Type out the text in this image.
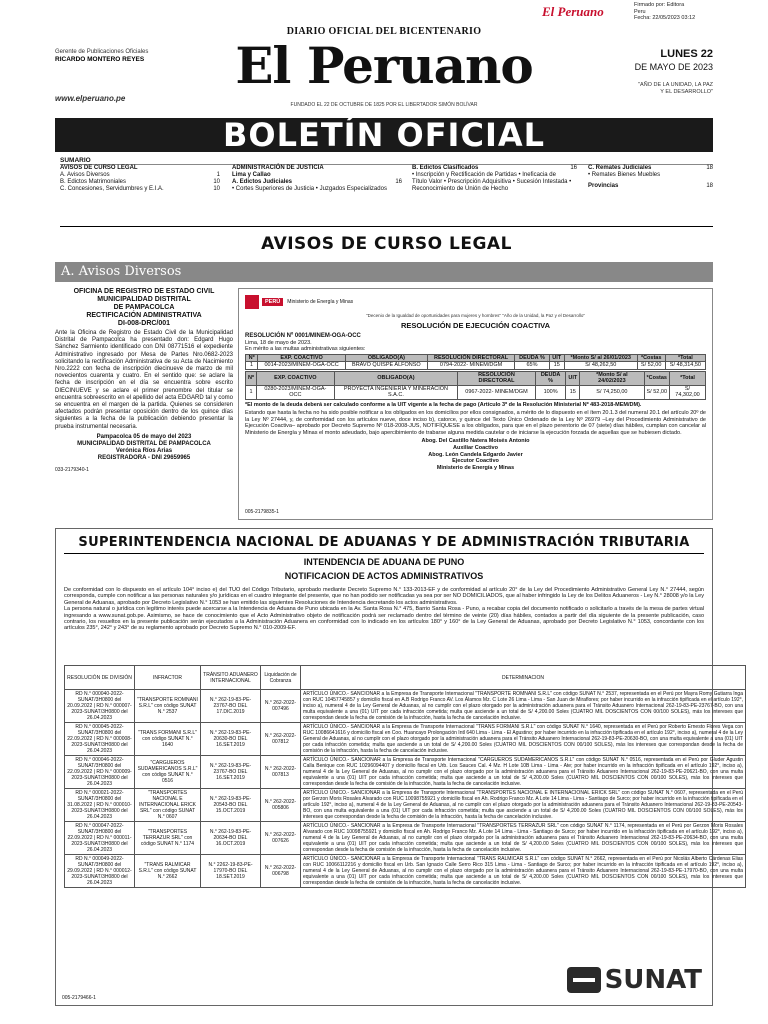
El Peruano	Firmado por: Editora
Peru
Fecha: 22/05/2023 03:12
DIARIO OFICIAL DEL BICENTENARIO
Gerente de Publicaciones Oficiales
RICARDO MONTERO REYES
www.elperuano.pe
El Peruano
FUNDADO EL 22 DE OCTUBRE DE 1825 POR EL LIBERTADOR SIMÓN BOLÍVAR
LUNES 22
DE MAYO DE 2023
"AÑO DE LA UNIDAD, LA PAZ
Y EL DESARROLLO"
BOLETÍN OFICIAL
SUMARIO
AVISOS DE CURSO LEGAL
A. Avisos Diversos	1
B. Edictos Matrimoniales	10
C. Concesiones, Servidumbres y E.I.A.	10
ADMINISTRACIÓN DE JUSTICIA
Lima y Callao
A. Edictos Judiciales	16
• Cortes Superiores de Justicia • Juzgados Especializados
B. Edictos Clasificados	16
• Inscripción y Rectificación de Partidas • Ineficacia de
Título Valor • Prescripción Adquisitiva • Sucesión Intestada •
Reconocimiento de Unión de Hecho
C. Remates Judiciales	18
• Remates Bienes Muebles
Provincias	18
AVISOS DE CURSO LEGAL
A. Avisos Diversos
OFICINA DE REGISTRO DE ESTADO CIVIL
MUNICIPALIDAD DISTRITAL
DE PAMPACOLCA
RECTIFICACIÓN ADMINISTRATIVA
DI-008-DRC/001
Ante la Oficina de Registro de Estado Civil de la Municipalidad Distrital de Pampacolca ha presentado don: Edgard Hugo Sánchez Sarmiento identificado con DNI 08771516 el expediente Administrativo ingresado por Mesa de Partes Nro.0682-2023 solicitando la rectificación Administrativa de su Acta de Nacimiento Nro.2222 con fecha de inscripción diecinueve de marzo de mil novecientos cuarenta y cuatro. En el sentido que: se aclare la fecha de inscripción en el día se encuentra sobre escrito DIECINUEVE y se aclare el primer prenombre del titular se encuentra sobreescrito en el apellido del acta EDGARD tal y como se encuentra en el margen de la partida. Quienes se consideren afectados podrán presentar oposición dentro de los quince días siguientes a la fecha de la publicación debiendo presentar la prueba instrumental necesaria.
Pampacolca 05 de mayo del 2023
MUNICIPALIDAD DISTRITAL DE PAMPACOLCA
Verónica Ríos Arias
REGISTRADORA - DNI 29659965
033-2179340-1
PERÚ	Ministerio de Energía y Minas
"Decenio de la Igualdad de oportunidades para mujeres y hombres" "Año de la Unidad, la Paz y el Desarrollo"
RESOLUCIÓN DE EJECUCIÓN COACTIVA
RESOLUCIÓN Nº 0001/MINEM-OGA-OCC
Lima, 18 de mayo de 2023.
En mérito a las multas administrativas siguientes:
Nº	EXP. COACTIVO	OBLIGADO(A)	RESOLUCIÓN DIRECTORAL	DEUDA %	UIT	*Monto S/ al 26/01/2023	*Costas	*Total
1	0014-2023/MINEM-OGA-OCC	BRAVO QUISPE ALFONSO	0794-2022- MINEM/DGM	65%	15	S/ 48,262,50	S/ 52,00	S/ 48,314,50
Nº	EXP. COACTIVO	OBLIGADO(A)	RESOLUCIÓN DIRECTORAL	DEUDA %	UIT	*Monto S/ al 24/02/2023	*Costas	*Total
1	0280-2023/MINEM-OGA-OCC	PROYECTA INGENIERÍA Y MINERACIÓN S.A.C.	0967-2022- MINEM/DGM	100%	15	S/ 74,250,00	S/ 52,00	S/ 74,302,00
*El monto de la deuda deberá ser calculado conforme a la UIT vigente a la fecha de pago (Artículo 3º de la Resolución Ministerial Nº 483-2018-MEM/DM).
Estando que hasta la fecha no ha sido posible notificar a los obligados en los domicilios por ellos consignados, a mérito de lo dispuesto en el ítem 20.1.3 del numeral 20.1 del artículo 20º de la Ley Nº 27444, y, de conformidad con los artículos nueve, doce inciso b), catorce, y quince del Texto Único Ordenado de la Ley Nº 26979 –Ley del Procedimiento Administrativo de Ejecución Coactiva– aprobado por Decreto Supremo Nº 018-2008-JUS, NOTIFÍQUESE a los obligados, para que en el plazo perentorio de 07 (siete) días hábiles, cumplan con cancelar al Ministerio de Energía y Minas el monto adeudado, bajo apercibimiento de trabarse alguna medida cautelar o de iniciarse la ejecución forzada de aquellas que se hubiesen dictado.
Abog. Del Castillo Natera Moisés Antonio
Auxiliar Coactivo
Abog. León Candela Edgardo Javier
Ejecutor Coactivo
Ministerio de Energía y Minas
005-2179835-1
SUPERINTENDENCIA NACIONAL DE ADUANAS Y DE ADMINISTRACIÓN TRIBUTARIA
INTENDENCIA DE ADUANA DE PUNO
NOTIFICACION DE ACTOS ADMINISTRATIVOS

De conformidad con lo dispuesto en el artículo 104° inciso e) del TUO del Código Tributario, aprobado mediante Decreto Supremo N.° 133-2013-EF y de conformidad al artículo 20° de la Ley del Procedimiento Administrativo General Ley N.° 27444, según corresponda, cumple con notificar a las personas naturales y/o jurídicas en el cuadro integrante del presente, que no han podido ser notificadas ya sea por ser NO DOMICILIADOS, que al haber infringido la Ley de los Delitos Aduaneros - Ley N.° 28008 y/o la Ley General de Aduanas, aprobado por Decreto Legislativo N.° 1053 se han emitido las siguientes Resoluciones de Intendencia decretando los actos administrativos.

La persona natural o jurídica con legítimo interés puede acercarse a la Intendencia de Aduana de Puno ubicada en la Av. Santa Rosa N.° 475, Barrio Santa Rosa - Puno, a recabar copia del documento notificado o solicitarlo a través de la mesa de partes virtual ingresando a www.sunat.gob.pe. Asimismo, se hace de conocimiento que el Acto Administrativo objeto de notificación podrá ser reclamado dentro del término de veinte (20) días hábiles, contados a partir del día siguiente de la presente publicación, caso contrario, los resueltos en la presente publicación serán ejecutados a la Administración Aduanera en conformidad con lo indicado en los artículos 180° y 160° de la Ley General de Aduanas, aprobado por Decreto Legislativo N.° 1053, concordante con los artículos 235°, 242° y 243° de su reglamento aprobado por Decreto Supremo N.° 010-2009-EF.

RESOLUCIÓN DE DIVISIÓN	INFRACTOR	TRÁNSITO ADUANERO INTERNACIONAL	Liquidación de Cobranza	DETERMINACION
RD N.° 000040-2022-SUNAT/3H0800 del 20.09.2022 | RD N.° 000007-2023-SUNAT/3H0800 del 26.04.2023	"TRANSPORTE ROMNANI S.R.L" con código SUNAT N.° 2537	N.° 262-19-83-PE-23767-BO DEL 17.DIC.2019	N.° 262-2022-007496	ARTÍCULO ÚNICO.- SANCIONAR a la Empresa de Transporte Internacional "TRANSPORTE ROMNANI S.R.L" con código SUNAT N.° 2537, representada en el Perú por Mayra Romy Gutiarra Inga con RUC 10457745857 y domicilio fiscal en A.B Rodrigo Franco AV. Los Álamos Mz. C Lote 26 Lima - Lima - San Juan de Miraflores; por haber incurrido en la infracción tipificada en el artículo 192°, inciso a), numeral 4 de la Ley General de Aduanas, al no cumplir con el plazo otorgado por la administración aduanera para el Tránsito Aduanero Internacional 262-19-83-PE-23767-BO, con una multa equivalente a una (01) UIT por cada infracción cometida; multa que asciende a un total de S/ 4,200.00 Soles (CUATRO MIL DOSCIENTOS CON 00/100 SOLES), más los intereses que correspondan desde la fecha de comisión de la infracción, hasta la fecha de cancelación inclusive.
RD N.° 000045-2022-SUNAT/3H0800 del 22.09.2022 | RD N.° 000008-2023-SUNAT/3H0800 del 26.04.2023	"TRANS FORMANI S.R.L" con código SUNAT N.° 1640	N.° 262-19-83-PE-20630-BO DEL 16.SET.2019	N.° 262-2022-007812	ARTÍCULO ÚNICO.- SANCIONAR a la Empresa de Transporte Internacional "TRANS FORMANI S.R.L" con código SUNAT N.° 1640, representada en el Perú por Roberto Ernesto Flores Vega con RUC 10086641616 y domicilio fiscal en Coo. Huancayo Prolongación Intl 640 Lima - Lima - El Agustino; por haber incurrido en la infracción tipificada en el artículo 192°, inciso a), numeral 4 de la Ley General de Aduanas, al no cumplir con el plazo otorgado por la administración aduanera para el Tránsito Aduanero Internacional 262-19-83-PE-20630-BO, con una multa equivalente a una (01) UIT por cada infracción cometida; multa que asciende a un total de S/ 4,200.00 Soles (CUATRO MIL DOSCIENTOS CON 00/100 SOLES), más los intereses que correspondan desde la fecha de comisión de la infracción, hasta la fecha de cancelación inclusive.
RD N.° 000046-2022-SUNAT/3H0800 del 22.09.2022 | RD N.° 000009-2023-SUNAT/3H0800 del 26.04.2023	"CARGUEROS SUDAMERICANOS S.R.L" con código SUNAT N.° 0516	N.° 262-19-83-PE-23767-BO DEL 16.SET.2019	N.° 262-2022-007813	ARTÍCULO ÚNICO.- SANCIONAR a la Empresa de Transporte Internacional "CARGUEROS SUDAMERICANOS S.R.L" con código SUNAT N.° 0516, representada en el Perú por Gluder Agustin Calla Benique con RUC 10296094407 y domicilio fiscal en Urb. Los Sauces Cal. 4 Mz. H Lote 10B Lima - Lima - Ate; por haber incurrido en la infracción tipificada en el artículo 192°, inciso a), numeral 4 de la Ley General de Aduanas, al no cumplir con el plazo otorgado por la administración aduanera para el Tránsito Aduanero Internacional 262-19-83-PE-20621-BO, con una multa equivalente a una (01) UIT por cada infracción cometida; multa que asciende a un total de S/ 4,200.00 Soles (CUATRO MIL DOSCIENTOS CON 00/100 SOLES), más los intereses que correspondan desde la fecha de comisión de la infracción, hasta la fecha de cancelación inclusive.
RD N.° 000021-2022-SUNAT/3H0800 del 31.08.2022 | RD N.° 000010-2023-SUNAT/3H0800 del 26.04.2023	"TRANSPORTES NACIONAL E INTERNACIONAL ERICK SRL" con código SUNAT N.° 0607	N.° 262-19-83-PE-20543-BO DEL 15.OCT.2019	N.° 262-2022-005806	ARTÍCULO ÚNICO.- SANCIONAR a la Empresa de Transporte Internacional "TRANSPORTES NACIONAL E INTERNACIONAL ERICK SRL" con código SUNAT N.° 0607, representada en el Perú por Gerzon Moris Rosales Alvarado con RUC 10098755921 y domicilio fiscal en Ah. Rodrigo Franco Mz. A Lote 14 Lima - Lima - Santiago de Surco; por haber incurrido en la infracción tipificada en el artículo 192°, inciso a), numeral 4 de la Ley General de Aduanas, al no cumplir con el plazo otorgado por la administración aduanera para el Tránsito Aduanero Internacional 262-19-83-PE-20543-BO, con una multa equivalente a una (01) UIT por cada infracción cometida; multa que asciende a un total de S/ 4,200.00 Soles (CUATRO MIL DOSCIENTOS CON 00/100 SOLES), más los intereses que correspondan desde la fecha de comisión de la infracción, hasta la fecha de cancelación inclusive.
RD N.° 000047-2022-SUNAT/3H0800 del 22.09.2022 | RD N.° 000011-2023-SUNAT/3H0800 del 26.04.2023	"TRANSPORTES TERRAZUR SRL" con código SUNAT N.° 1174	N.° 262-19-83-PE-20634-BO DEL 16.OCT.2019	N.° 262-2022-007626	ARTÍCULO ÚNICO.- SANCIONAR a la Empresa de Transporte Internacional "TRANSPORTES TERRAZUR SRL" con código SUNAT N.° 1174, representada en el Perú por Gerzon Moris Rosales Alvarado con RUC 10098755921 y domicilio fiscal en Ah. Rodrigo Franco Mz. A Lote 14 Lima - Lima - Santiago de Surco; por haber incurrido en la infracción tipificada en el artículo 192°, inciso a), numeral 4 de la Ley General de Aduanas, al no cumplir con el plazo otorgado por la administración aduanera para el Tránsito Aduanero Internacional 262-19-83-PE-20634-BO, con una multa equivalente a una (01) UIT por cada infracción cometida; multa que asciende a un total de S/ 4,200.00 Soles (CUATRO MIL DOSCIENTOS CON 00/100 SOLES), más los intereses que correspondan desde la fecha de comisión de la infracción, hasta la fecha de cancelación inclusive.
RD N.° 000049-2022-SUNAT/3H0800 del 29.09.2022 | RD N.° 000012-2023-SUNAT/3H0800 del 26.04.2023	"TRANS RALMICAR S.R.L" con código SUNAT N.° 2662	N.° 2262-19-83-PE-17970-BO DEL 18.SET.2019	N.° 262-2022-006798	ARTÍCULO ÚNICO.- SANCIONAR a la Empresa de Transporte Internacional "TRANS RALMICAR S.R.L" con código SUNAT N.° 2662, representada en el Perú por Nicolás Alberto Cárdenas Elias con RUC 10066112216 y domicilio fiscal en Urb. San Ignacio Calle Serro Rico 315 Lima - Lima - Santiago de Surco; por haber incurrido en la infracción tipificada en el artículo 192°, inciso a), numeral 4 de la Ley General de Aduanas, al no cumplir con el plazo otorgado por la administración aduanera para el Tránsito Aduanero Internacional 262-19-83-PE-17970-BO, con una multa equivalente a una (01) UIT por cada infracción cometida; multa que asciende a un total de S/ 4,200.00 Soles (CUATRO MIL DOSCIENTOS CON 00/100 SOLES), más los intereses que correspondan desde la fecha de comisión de la infracción, hasta la fecha de cancelación inclusive.
005-2179466-1
SUNAT
